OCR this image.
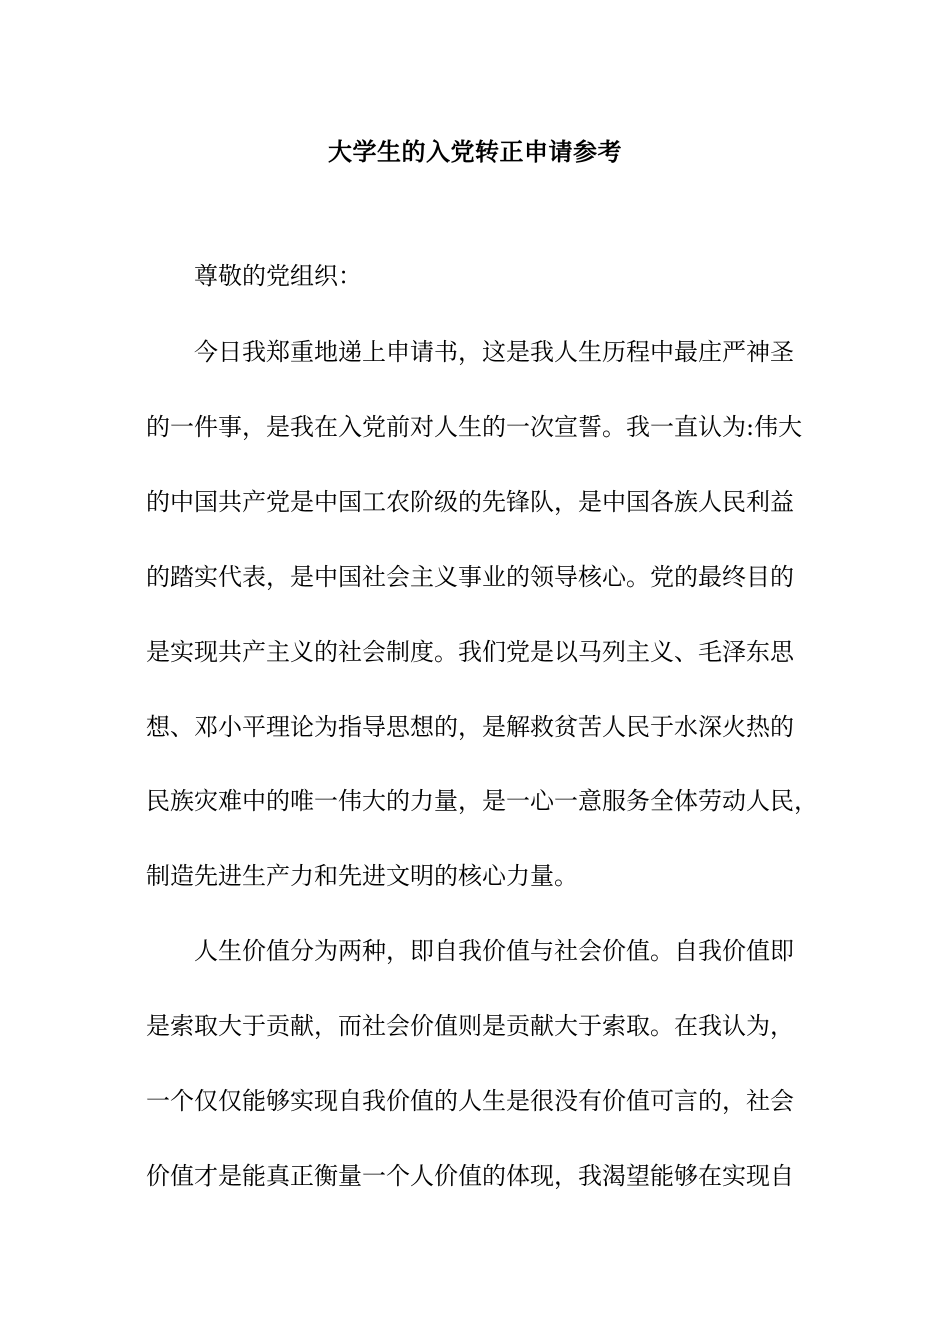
大学生的入党转正申请参考
尊敬的党组织：
今日我郑重地递上申请书，这是我人生历程中最庄严神圣
的一件事，是我在入党前对人生的一次宣誓。我一直认为:伟大
的中国共产党是中国工农阶级的先锋队，是中国各族人民利益
的踏实代表，是中国社会主义事业的领导核心。党的最终目的
是实现共产主义的社会制度。我们党是以马列主义、毛泽东思
想、邓小平理论为指导思想的，是解救贫苦人民于水深火热的
民族灾难中的唯一伟大的力量，是一心一意服务全体劳动人民，
制造先进生产力和先进文明的核心力量。
人生价值分为两种，即自我价值与社会价值。自我价值即
是索取大于贡献，而社会价值则是贡献大于索取。在我认为，
一个仅仅能够实现自我价值的人生是很没有价值可言的，社会
价值才是能真正衡量一个人价值的体现，我渴望能够在实现自
